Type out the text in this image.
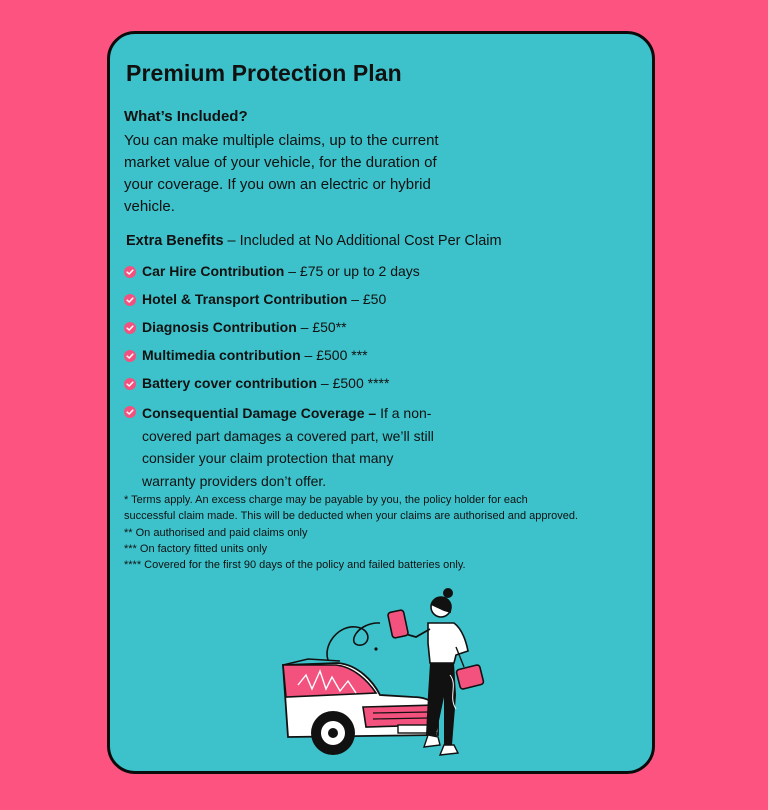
Premium Protection Plan
What’s Included?
You can make multiple claims, up to the current market value of your vehicle, for the duration of your coverage. If you own an electric or hybrid vehicle.
Extra Benefits – Included at No Additional Cost Per Claim
Car Hire Contribution – £75 or up to 2 days
Hotel & Transport Contribution – £50
Diagnosis Contribution – £50**
Multimedia contribution – £500 ***
Battery cover contribution – £500 ****
Consequential Damage Coverage – If a non-covered part damages a covered part, we’ll still consider your claim protection that many warranty providers don’t offer.
* Terms apply. An excess charge may be payable by you, the policy holder for each
successful claim made. This will be deducted when your claims are authorised and approved.
** On authorised and paid claims only
*** On factory fitted units only
**** Covered for the first 90 days of the policy and failed batteries only.
